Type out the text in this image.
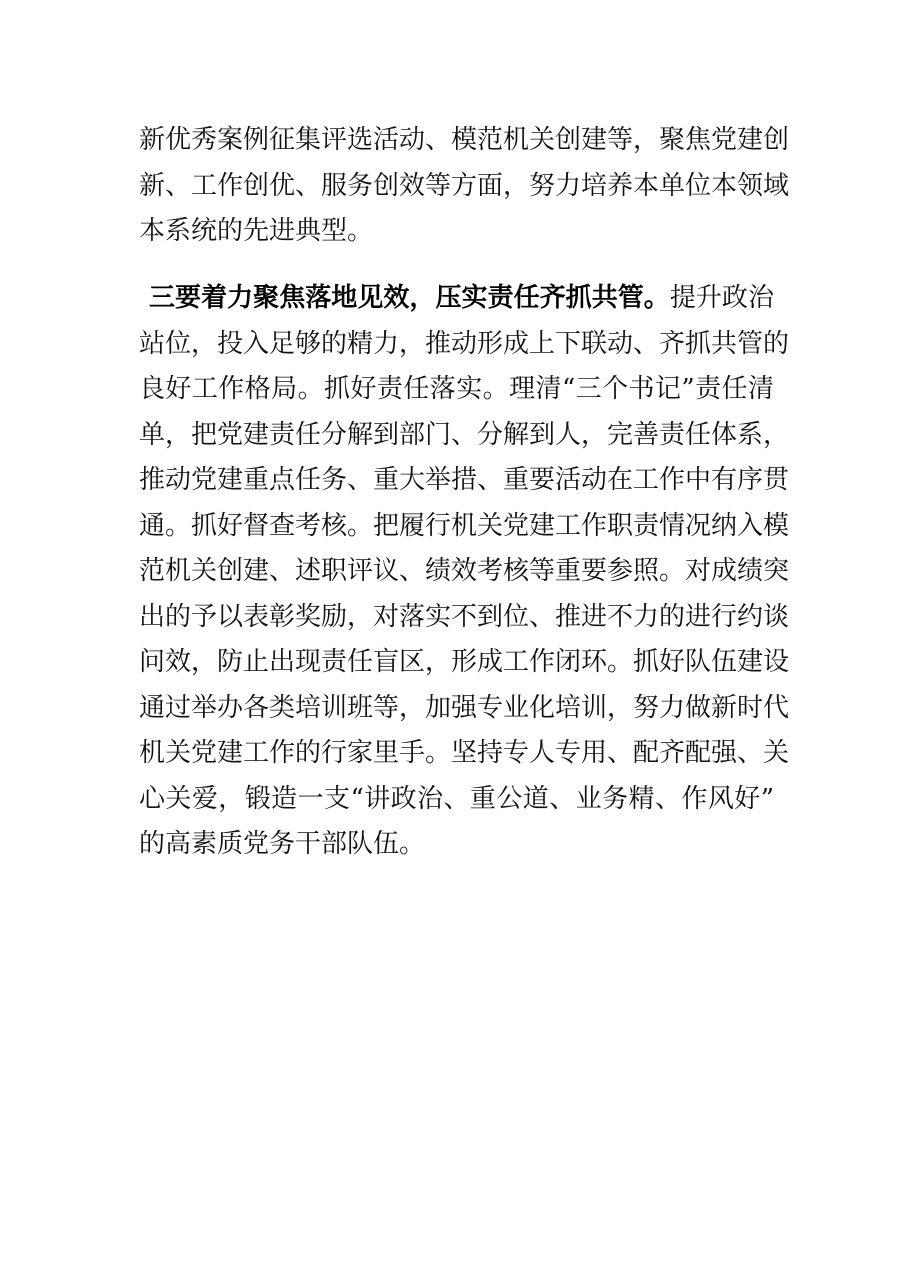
新优秀案例征集评选活动、模范机关创建等，聚焦党建创
新、工作创优、服务创效等方面，努力培养本单位本领域
本系统的先进典型。
三要着力聚焦落地见效，压实责任齐抓共管。提升政治
站位，投入足够的精力，推动形成上下联动、齐抓共管的
良好工作格局。抓好责任落实。理清“三个书记”责任清
单，把党建责任分解到部门、分解到人，完善责任体系，
推动党建重点任务、重大举措、重要活动在工作中有序贯
通。抓好督查考核。把履行机关党建工作职责情况纳入模
范机关创建、述职评议、绩效考核等重要参照。对成绩突
出的予以表彰奖励，对落实不到位、推进不力的进行约谈
问效，防止出现责任盲区，形成工作闭环。抓好队伍建设
通过举办各类培训班等，加强专业化培训，努力做新时代
机关党建工作的行家里手。坚持专人专用、配齐配强、关
心关爱，锻造一支“讲政治、重公道、业务精、作风好”
的高素质党务干部队伍。
